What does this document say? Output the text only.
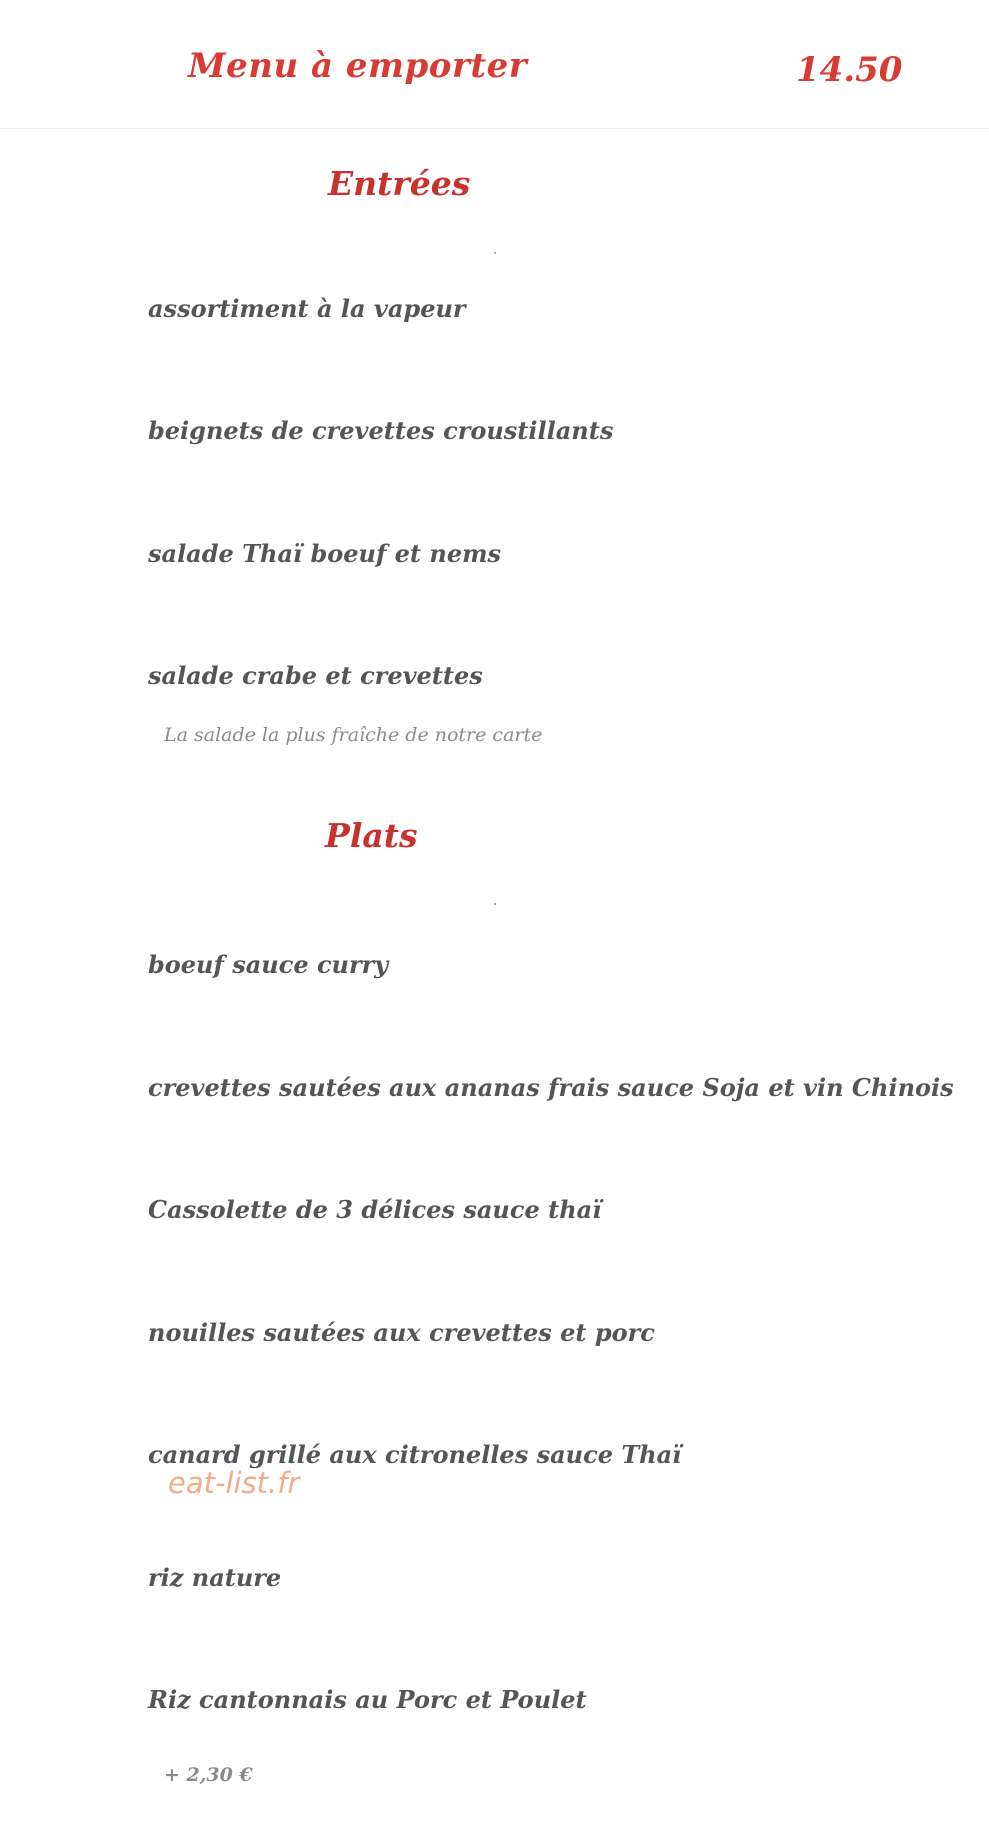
Menu à emporter	14.50
Entrées
assortiment à la vapeur
beignets de crevettes croustillants
salade Thaï boeuf et nems
salade crabe et crevettes
La salade la plus fraîche de notre carte
Plats
boeuf sauce curry
crevettes sautées aux ananas frais sauce Soja et vin Chinois
Cassolette de 3 délices sauce thaï
nouilles sautées aux crevettes et porc
canard grillé aux citronelles sauce Thaï
riz nature
Riz cantonnais au Porc et Poulet
+ 2,30 €
eat-list.fr
